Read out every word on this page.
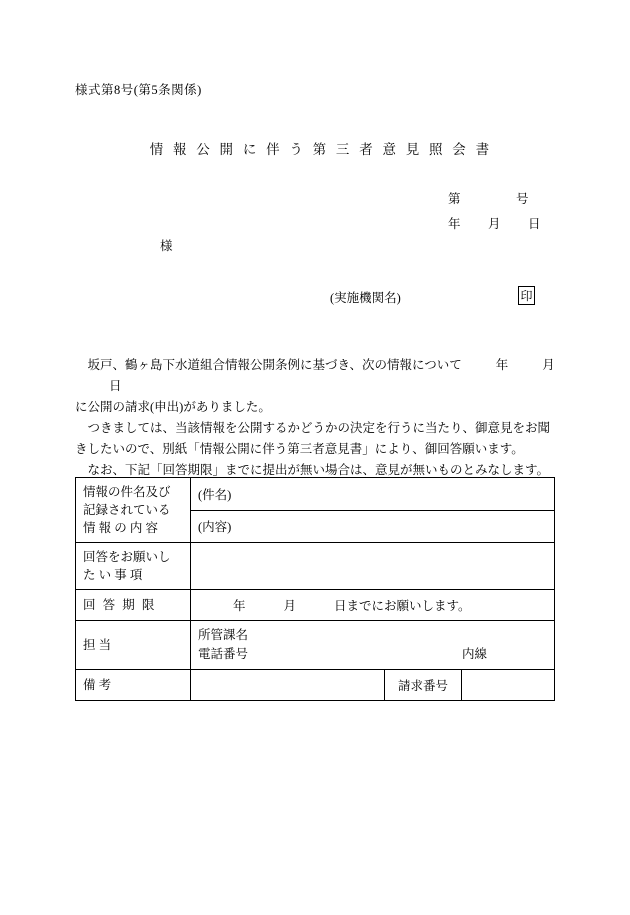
様式第8号(第5条関係)
情 報 公 開 に 伴 う 第 三 者 意 見 照 会 書
第	号
年 月 日
様
(実施機関名)	印

坂戸、鶴ヶ島下水道組合情報公開条例に基づき、次の情報について	年	月日
に公開の請求(申出)がありました。

つきましては、当該情報を公開するかどうかの決定を行うに当たり、御意見をお聞きしたいので、別紙「情報公開に伴う第三者意見書」により、御回答願います。

なお、下記「回答期限」までに提出が無い場合は、意見が無いものとみなします。

情報の件名及び
記録されている
情 報 の 内 容	(件名)		
	(内容)		

回答をお願いし
た い 事 項			

回 答 期 限	年 月 日までにお願いします。		
担 当	所管課名
電話番号 内線		

備 考		請求番号	
